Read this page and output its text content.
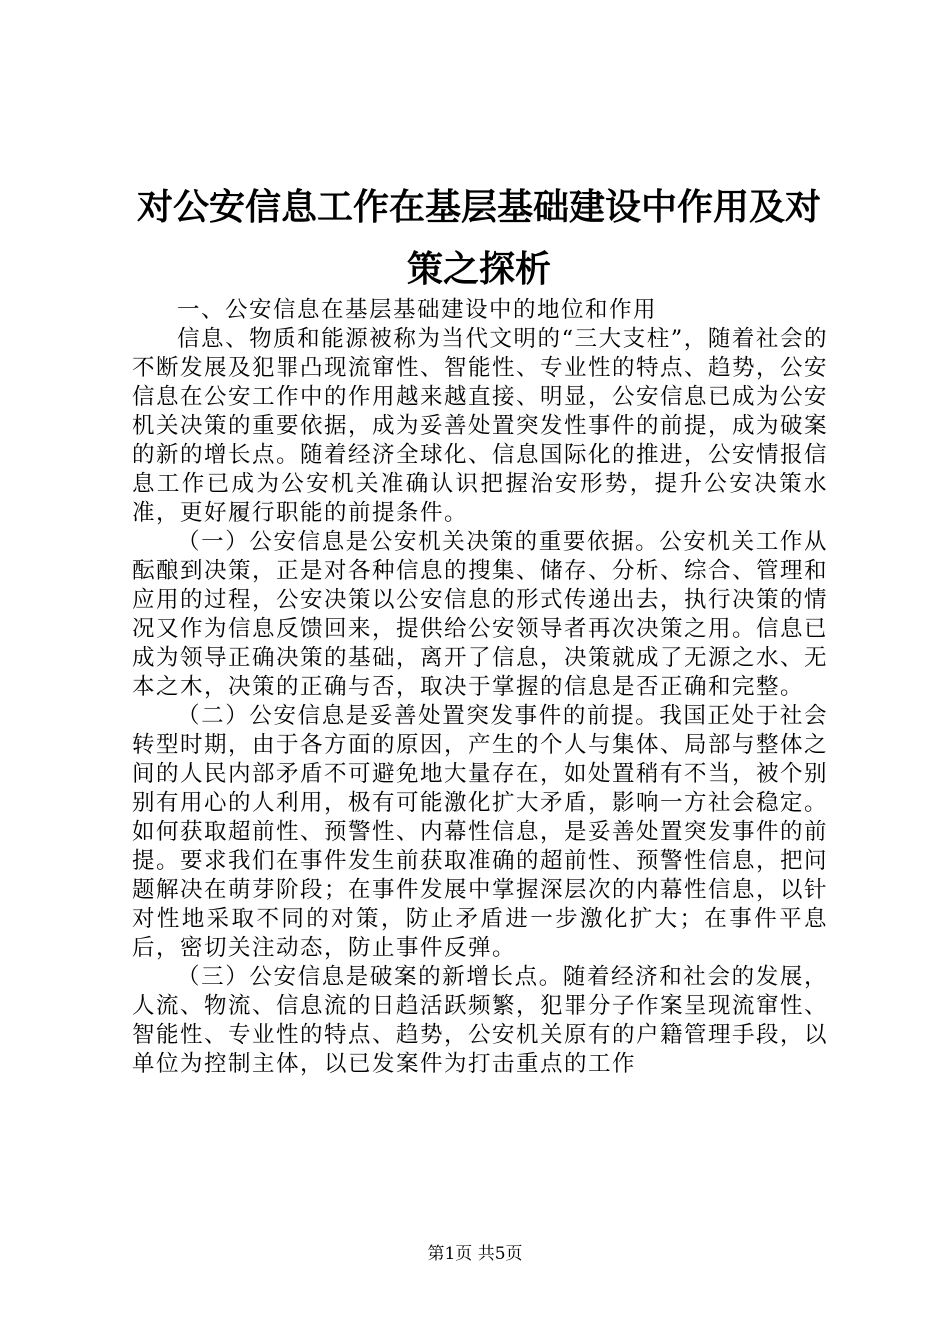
对公安信息工作在基层基础建设中作用及对策之探析

一、公安信息在基层基础建设中的地位和作用

信息、物质和能源被称为当代文明的“三大支柱”，随着社会的不断发展及犯罪凸现流窜性、智能性、专业性的特点、趋势，公安信息在公安工作中的作用越来越直接、明显，公安信息已成为公安机关决策的重要依据，成为妥善处置突发性事件的前提，成为破案的新的增长点。随着经济全球化、信息国际化的推进，公安情报信息工作已成为公安机关准确认识把握治安形势，提升公安决策水准，更好履行职能的前提条件。

（一）公安信息是公安机关决策的重要依据。公安机关工作从酝酿到决策，正是对各种信息的搜集、储存、分析、综合、管理和应用的过程，公安决策以公安信息的形式传递出去，执行决策的情况又作为信息反馈回来，提供给公安领导者再次决策之用。信息已成为领导正确决策的基础，离开了信息，决策就成了无源之水、无本之木，决策的正确与否，取决于掌握的信息是否正确和完整。

（二）公安信息是妥善处置突发事件的前提。我国正处于社会转型时期，由于各方面的原因，产生的个人与集体、局部与整体之间的人民内部矛盾不可避免地大量存在，如处置稍有不当，被个别别有用心的人利用，极有可能激化扩大矛盾，影响一方社会稳定。如何获取超前性、预警性、内幕性信息，是妥善处置突发事件的前提。要求我们在事件发生前获取准确的超前性、预警性信息，把问题解决在萌芽阶段；在事件发展中掌握深层次的内幕性信息，以针对性地采取不同的对策，防止矛盾进一步激化扩大；在事件平息后，密切关注动态，防止事件反弹。

（三）公安信息是破案的新增长点。随着经济和社会的发展，人流、物流、信息流的日趋活跃频繁，犯罪分子作案呈现流窜性、智能性、专业性的特点、趋势，公安机关原有的户籍管理手段，以单位为控制主体，以已发案件为打击重点的工作

第1页 共5页
